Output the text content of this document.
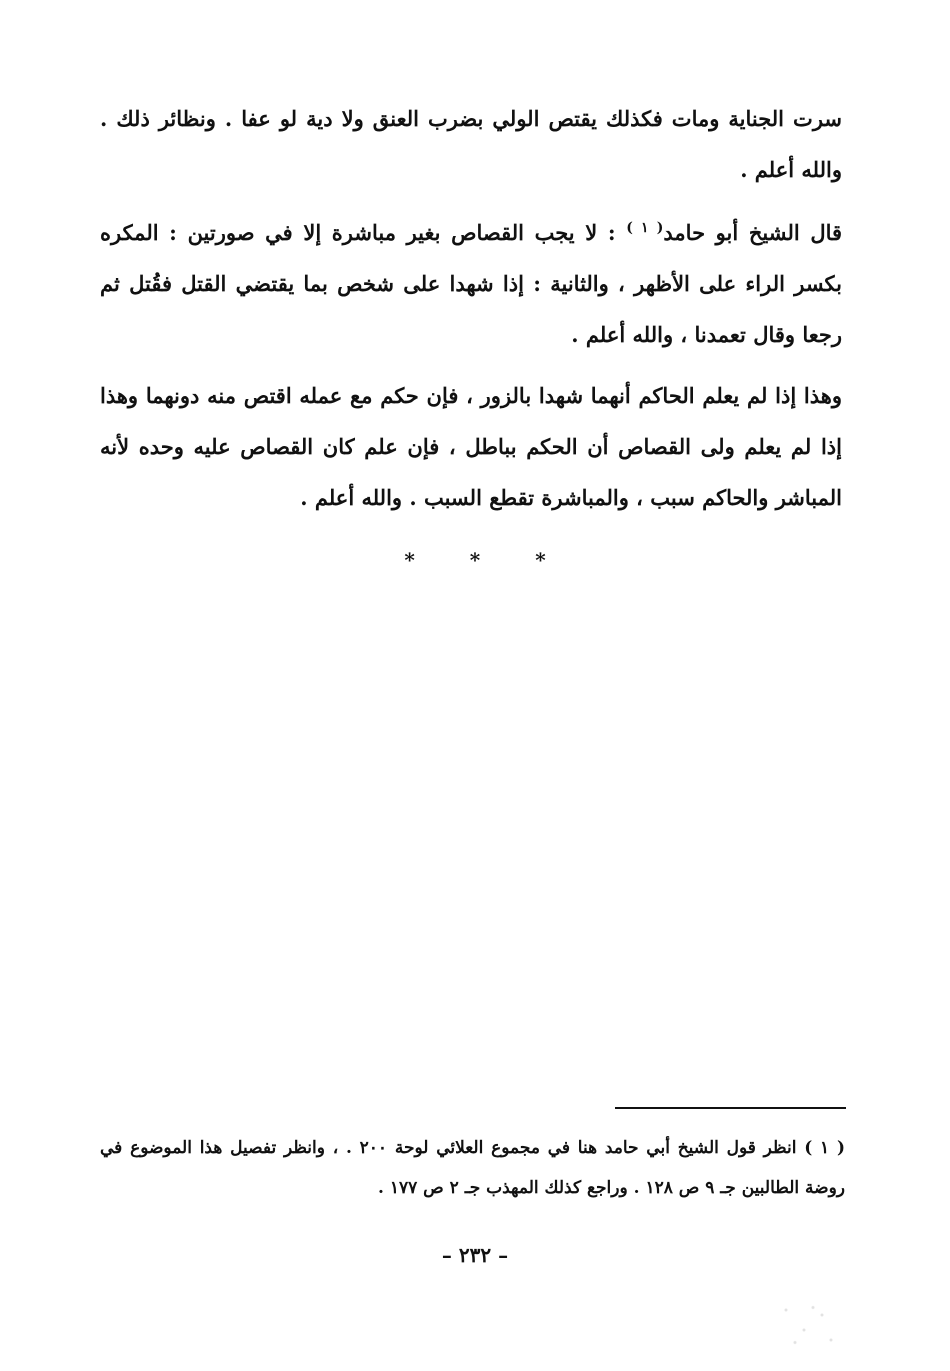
سرت الجناية ومات فكذلك يقتص الولي بضرب العنق ولا دية لو عفا . ونظائر ذلك . والله أعلم .

قال الشيخ أبو حامد$^{( ١ )}$ : لا يجب القصاص بغير مباشرة إلا في صورتين : المكره بكسر الراء على الأظهر ، والثانية : إذا شهدا على شخص بما يقتضي القتل فقُتل ثم رجعا وقال تعمدنا ، والله أعلم .

وهذا إذا لم يعلم الحاكم أنهما شهدا بالزور ، فإن حكم مع عمله اقتص منه دونهما وهذا إذا لم يعلم ولى القصاص أن الحكم بباطل ، فإن علم كان القصاص عليه وحده لأنه المباشر والحاكم سبب ، والمباشرة تقطع السبب . والله أعلم .

* * *

( ١ ) انظر قول الشيخ أبي حامد هنا في مجموع العلائي لوحة ٢٠٠ . ، وانظر تفصيل هذا الموضوع في روضة الطالبين جـ ٩ ص ١٢٨ . وراجع كذلك المهذب جـ ٢ ص ١٧٧ .

– ٢٣٢ –
